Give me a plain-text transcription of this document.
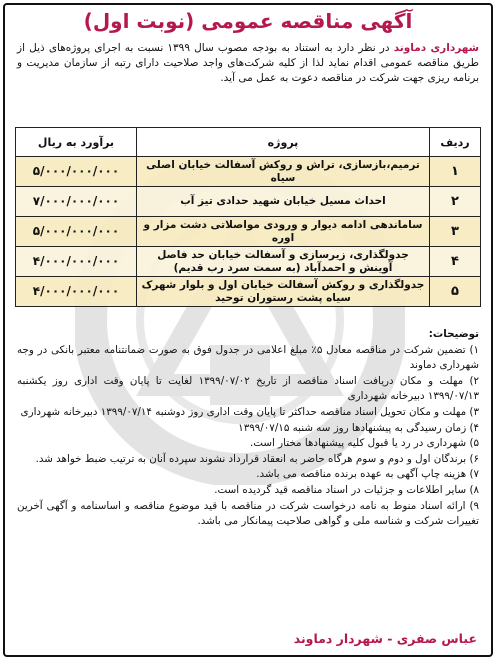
آگهی مناقصه عمومی (نوبت اول)
شهرداری دماوند در نظر دارد به استناد به بودجه مصوب سال ۱۳۹۹ نسبت به اجرای پروژه‌های ذیل از طریق مناقصه عمومی اقدام نماید لذا از کلیه شرکت‌های واجد صلاحیت دارای رتبه از سازمان مدیریت و برنامه ریزی جهت شرکت در مناقصه دعوت به عمل می آید.
ردیف	پروژه	برآورد به ریال
۱	ترمیم،بازسازی، تراش و روکش آسفالت خیابان اصلی سیاه	۵/۰۰۰/۰۰۰/۰۰۰
۲	احداث مسیل خیابان شهید حدادی تیز آب	۷/۰۰۰/۰۰۰/۰۰۰
۳	ساماندهی ادامه دیوار و ورودی مواصلاتی دشت مزار و اوره	۵/۰۰۰/۰۰۰/۰۰۰
۴	جدولگذاری، زیرسازی و آسفالت خیابان حد فاصل آوینش و احمدآباد (به سمت سرد رب قدیم)	۴/۰۰۰/۰۰۰/۰۰۰
۵	جدولگذاری و روکش آسفالت خیابان اول و بلوار شهرک سیاه پشت رستوران توحید	۴/۰۰۰/۰۰۰/۰۰۰
توضیحات:

۱) تضمین شرکت در مناقصه معادل ۵٪ مبلغ اعلامی در جدول فوق به صورت ضمانتنامه معتبر بانکی در وجه شهرداری دماوند

۲) مهلت و مکان دریافت اسناد مناقصه از تاریخ ۱۳۹۹/۰۷/۰۲ لغایت تا پایان وقت اداری روز یکشنبه ۱۳۹۹/۰۷/۱۳ دبیرخانه شهرداری

۳) مهلت و مکان تحویل اسناد مناقصه حداکثر تا پایان وقت اداری روز دوشنبه ۱۳۹۹/۰۷/۱۴ دبیرخانه شهرداری

۴) زمان رسیدگی به پیشنهادها روز سه شنبه ۱۳۹۹/۰۷/۱۵

۵) شهرداری در رد یا قبول کلیه پیشنهادها مختار است.

۶) برندگان اول و دوم و سوم هرگاه حاضر به انعقاد قرارداد نشوند سپرده آنان به ترتیب ضبط خواهد شد.

۷) هزینه چاپ آگهی به عهده برنده مناقصه می باشد.

۸) سایر اطلاعات و جزئیات در اسناد مناقصه قید گردیده است.

۹) ارائه اسناد منوط به نامه درخواست شرکت در مناقصه با قید موضوع مناقصه و اساسنامه و آگهی آخرین تغییرات شرکت و شناسه ملی و گواهی صلاحیت پیمانکار می باشد.

عباس صفری - شهردار دماوند
